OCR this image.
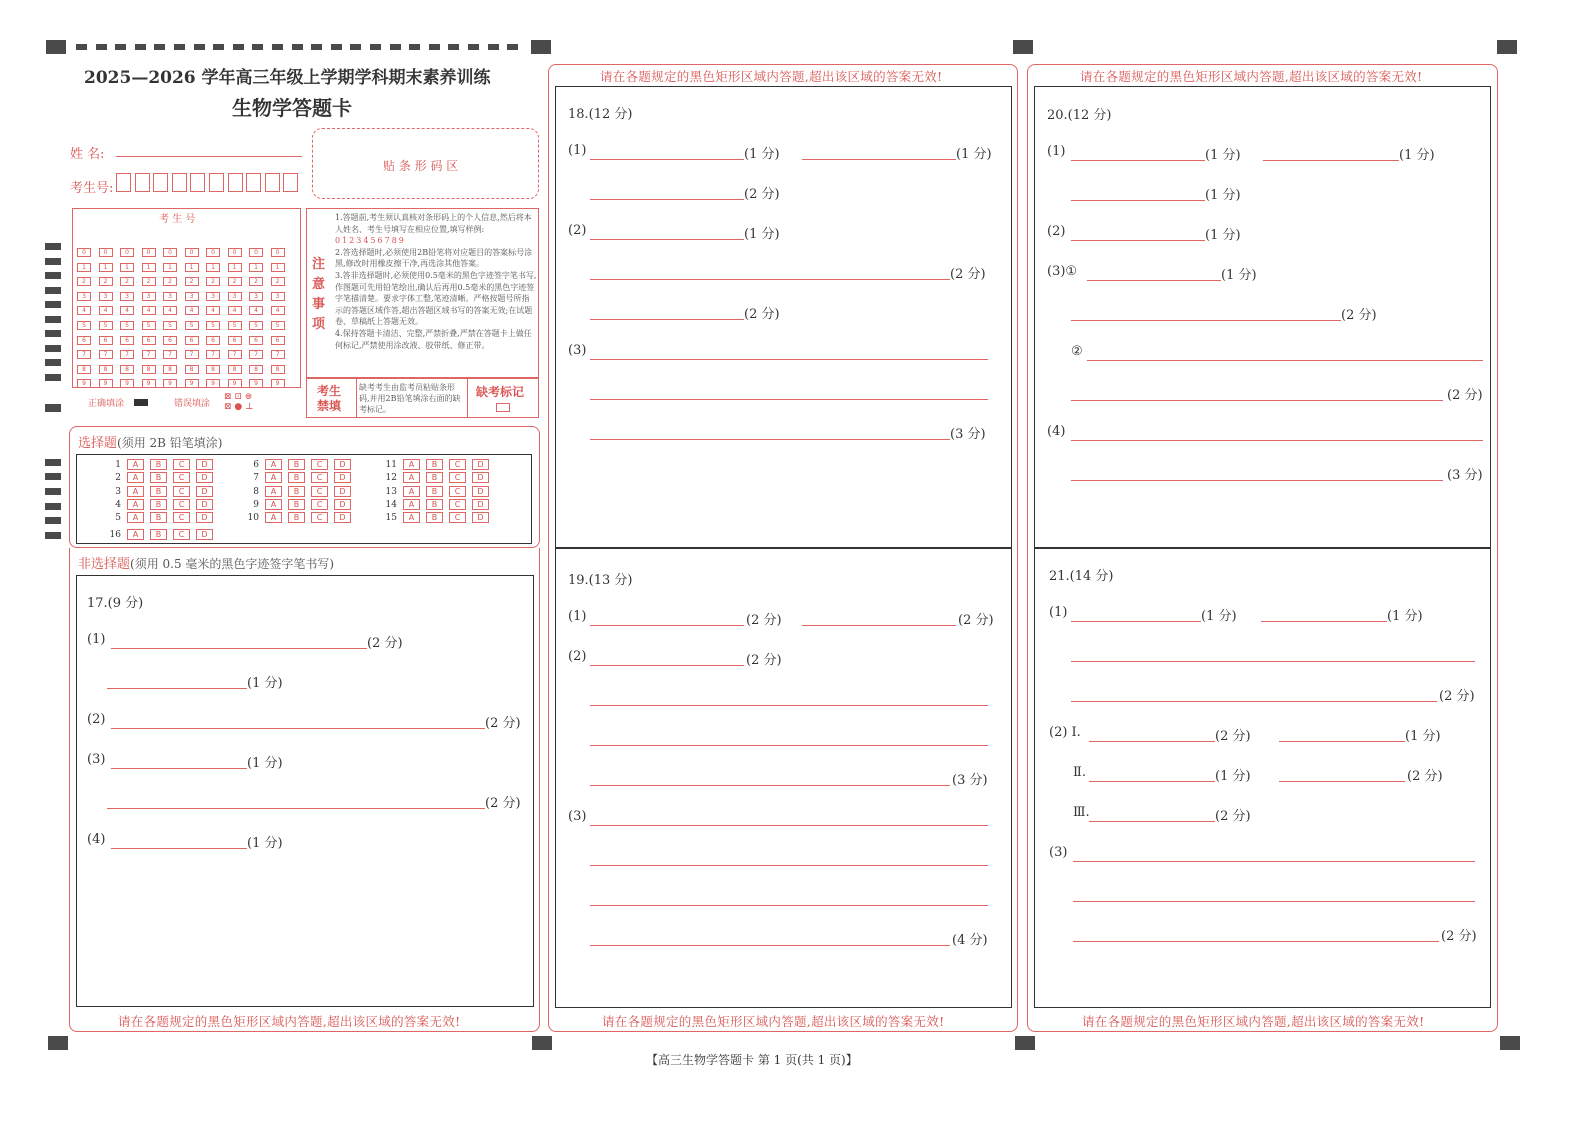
2025—2026 学年高三年级上学期学科期末素养训练
生物学答题卡
姓 名:
考生号:
贴 条 形 码 区
考 生 号
0	0	0	0	0	0	0	0	0	0
1	1	1	1	1	1	1	1	1	1
2	2	2	2	2	2	2	2	2	2
3	3	3	3	3	3	3	3	3	3
4	4	4	4	4	4	4	4	4	4
5	5	5	5	5	5	5	5	5	5
6	6	6	6	6	6	6	6	6	6
7	7	7	7	7	7	7	7	7	7
8	8	8	8	8	8	8	8	8	8
9	9	9	9	9	9	9	9	9	9
正确填涂	错误填涂
⊠ ⊡ ⊜
⊠ ● ⊥
注意事项
1.答题前,考生须认真核对条形码上的个人信息,然后将本人姓名、考生号填写在相应位置,填写样例:
0123456789
2.答选择题时,必须使用2B铅笔将对应题目的答案标号涂黑,修改时用橡皮擦干净,再选涂其他答案。
3.答非选择题时,必须使用0.5毫米的黑色字迹签字笔书写,作图题可先用铅笔绘出,确认后再用0.5毫米的黑色字迹签字笔描清楚。要求字体工整,笔迹清晰。严格按题号所指示的答题区域作答,超出答题区域书写的答案无效;在试题卷、草稿纸上答题无效。
4.保持答题卡清洁、完整,严禁折叠,严禁在答题卡上做任何标记,严禁使用涂改液、胶带纸、修正带。
考生禁填
缺考考生由监考员粘贴条形码,并用2B铅笔填涂右面的缺考标记。
缺考标记
选择题(须用 2B 铅笔填涂)
1 A B C D
2 A B C D
3 A B C D
4 A B C D
5 A B C D
6 A B C D
7 A B C D
8 A B C D
9 A B C D
10 A B C D
11 A B C D
12 A B C D
13 A B C D
14 A B C D
15 A B C D
16 A B C D
非选择题(须用 0.5 毫米的黑色字迹签字笔书写)
请在各题规定的黑色矩形区域内答题,超出该区域的答案无效!
17.(9 分)
(1)	(2 分)
(1 分)
(2)	(2 分)
(3)	(1 分)
(2 分)
(4)	(1 分)
请在各题规定的黑色矩形区域内答题,超出该区域的答案无效!
请在各题规定的黑色矩形区域内答题,超出该区域的答案无效!
18.(12 分)
(1)	(1 分)	(1 分)
(2 分)
(2)	(1 分)
(2 分)
(2 分)
(3)
(3 分)
19.(13 分)
(1)	(2 分)	(2 分)
(2)	(2 分)
(3 分)
(3)
(4 分)
请在各题规定的黑色矩形区域内答题,超出该区域的答案无效!
请在各题规定的黑色矩形区域内答题,超出该区域的答案无效!
20.(12 分)
(1)	(1 分)	(1 分)
(1 分)
(2)	(1 分)
(3)①	(1 分)
(2 分)
②
(2 分)
(4)
(3 分)
21.(14 分)
(1)	(1 分)	(1 分)
(2 分)
(2) Ⅰ.	(2 分)	(1 分)
Ⅱ.	(1 分)	(2 分)
Ⅲ.	(2 分)
(3)
(2 分)
【高三生物学答题卡 第 1 页(共 1 页)】
